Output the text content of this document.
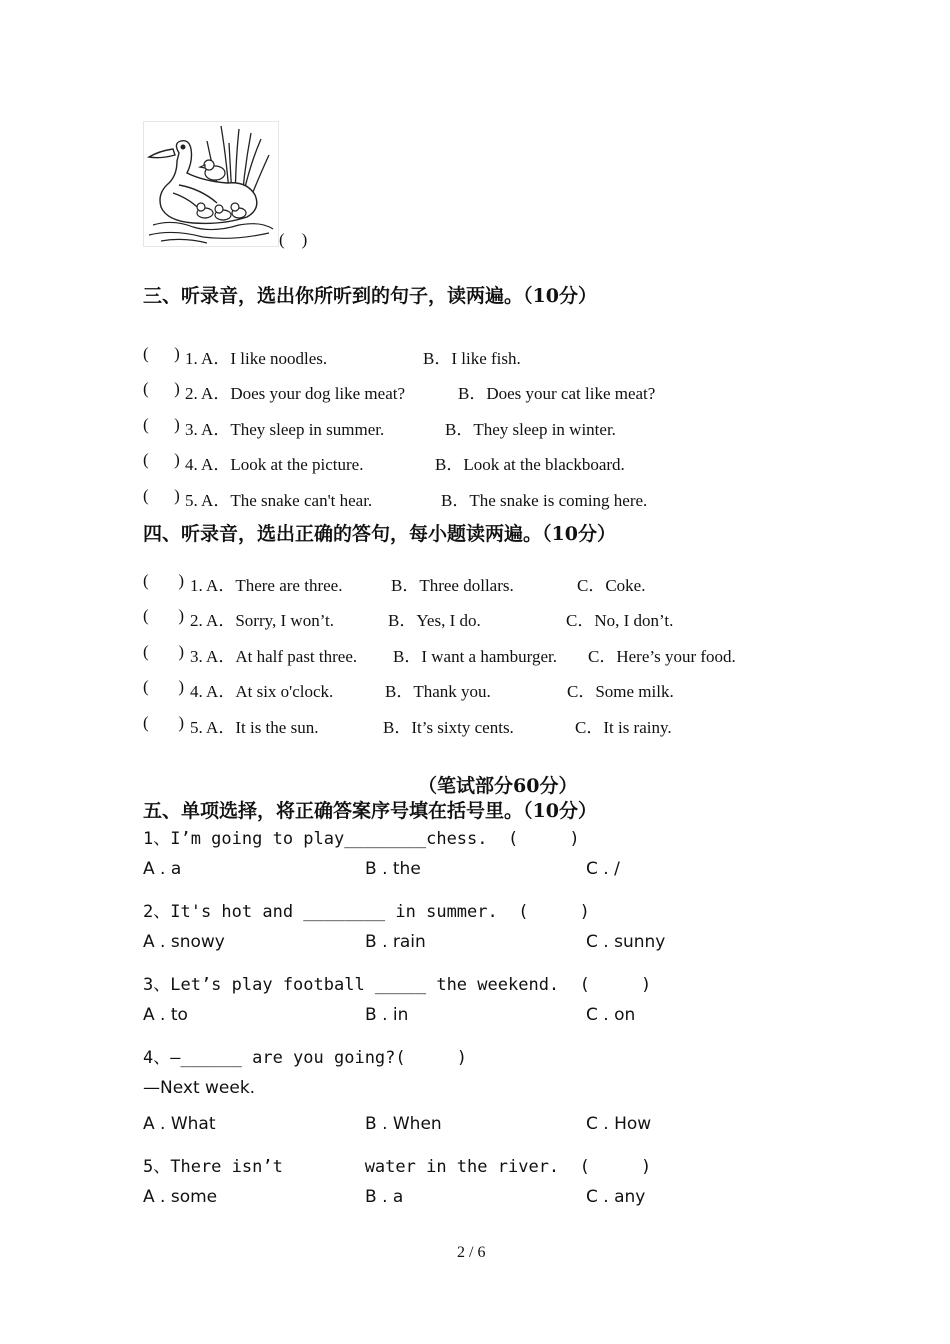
(    )
三、听录音，选出你所听到的句子，读两遍。（10分）
(      ) 1. A．I like noodles.	B．I like fish.
(      ) 2. A．Does your dog like meat?	B．Does your cat like meat?
(      ) 3. A．They sleep in summer.	B．They sleep in winter.
(      ) 4. A．Look at the picture.	B．Look at the blackboard.
(      ) 5. A．The snake can't hear.	B．The snake is coming here.
四、听录音，选出正确的答句，每小题读两遍。（10分）
(       ) 1. A．There are three.	B．Three dollars.	C．Coke.
(       ) 2. A．Sorry, I won’t.	B．Yes, I do.	C．No, I don’t.
(       ) 3. A．At half past three. B．I want a hamburger. C．Here’s your food.
(       ) 4. A．At six o'clock.	B．Thank you.	C．Some milk.
(       ) 5. A．It is the sun.	B．It’s sixty cents.	C．It is rainy.
（笔试部分60分）
五、单项选择，将正确答案序号填在括号里。（10分）
1、I’m going to play________chess.  (     )
A . a	B . the	C . /
2、It's hot and ________ in summer.  (     )
A . snowy	B . rain	C . sunny
3、Let’s play football _____ the weekend.  (     )
A . to	B . in	C . on
4、—______ are you going?(     )
—Next week.
A . What	B . When	C . How
5、There isn’t        water in the river.  (     )
A . some	B . a	C . any
2 / 6
